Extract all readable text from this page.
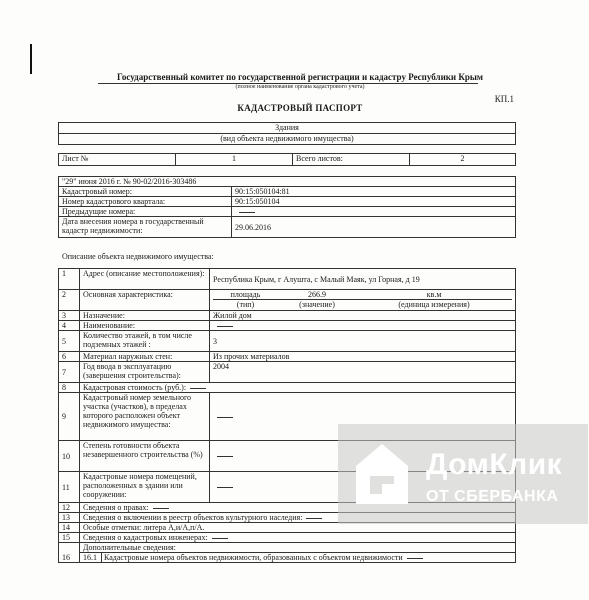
Государственный комитет по государственной регистрации и кадастру Республики Крым
(полное наименование органа кадастрового учета)
КП.1
КАДАСТРОВЫЙ ПАСПОРТ
Здания
(вид объекта недвижимого имущества)
Лист №	1	Всего листов:	2
"29" июня 2016 г. № 90-02/2016-303486	
Кадастровый номер:	90:15:050104:81
Номер кадастрового квартала:	90:15:050104
Предыдущие номера:	
Дата внесения номера в государственный кадастр недвижимости:	29.06.2016
Описание объекта недвижимого имущества:
1	Адрес (описание местоположения):	Республика Крым, г Алушта, с Малый Маяк, ул Горная, д 19
2	Основная характеристика:		площадь	266.9	кв.м
(тип)	(значение)	(единица измерения)

3	Назначение:	Жилой дом
4	Наименование:	
5	Количество этажей, в том числе подземных этажей :	3
6	Материал наружных стен:	Из прочих материалов
7	Год ввода в эксплуатацию (завершения строительства):	2004
8	Кадастровая стоимость (руб.):
9	Кадастровый номер земельного участка (участков), в пределах которого расположен объект недвижимого имущества:	
10	Степень готовности объекта незавершенного строительства (%)	
11	Кадастровые номера помещений, расположенных в здании или сооружении:	
12	Сведения о правах:
13	Сведения о включении в реестр объектов культурного наследия:
14	Особые отметки: литера А,и/А,п/А.
15	Сведения о кадастровых инженерах:
16	Дополнительные сведения:
16.1 Кадастровые номера объектов недвижимости, образованных с объектом недвижимости
ДомКлик
ОТ СБЕРБАНКА
